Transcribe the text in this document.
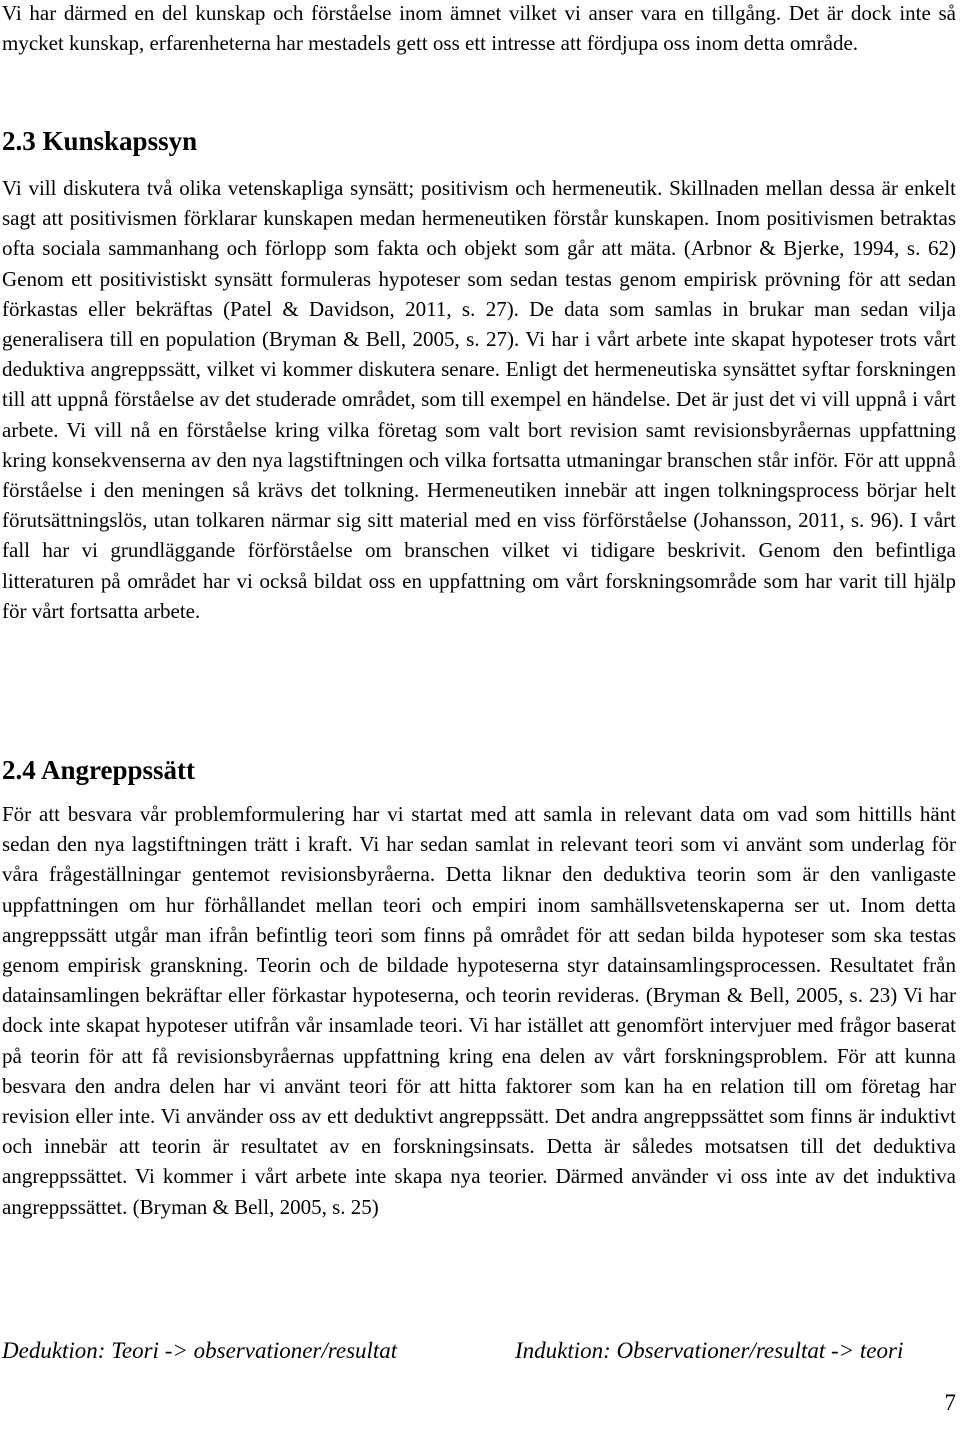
Vi har därmed en del kunskap och förståelse inom ämnet vilket vi anser vara en tillgång. Det är dock inte så mycket kunskap, erfarenheterna har mestadels gett oss ett intresse att fördjupa oss inom detta område.

2.3 Kunskapssyn

Vi vill diskutera två olika vetenskapliga synsätt; positivism och hermeneutik. Skillnaden mellan dessa är enkelt sagt att positivismen förklarar kunskapen medan hermeneutiken förstår kunskapen. Inom positivismen betraktas ofta sociala sammanhang och förlopp som fakta och objekt som går att mäta. (Arbnor & Bjerke, 1994, s. 62) Genom ett positivistiskt synsätt formuleras hypoteser som sedan testas genom empirisk prövning för att sedan förkastas eller bekräftas (Patel & Davidson, 2011, s. 27). De data som samlas in brukar man sedan vilja generalisera till en population (Bryman & Bell, 2005, s. 27). Vi har i vårt arbete inte skapat hypoteser trots vårt deduktiva angreppssätt, vilket vi kommer diskutera senare. Enligt det hermeneutiska synsättet syftar forskningen till att uppnå förståelse av det studerade området, som till exempel en händelse. Det är just det vi vill uppnå i vårt arbete. Vi vill nå en förståelse kring vilka företag som valt bort revision samt revisionsbyråernas uppfattning kring konsekvenserna av den nya lagstiftningen och vilka fortsatta utmaningar branschen står inför. För att uppnå förståelse i den meningen så krävs det tolkning. Hermeneutiken innebär att ingen tolkningsprocess börjar helt förutsättningslös, utan tolkaren närmar sig sitt material med en viss förförståelse (Johansson, 2011, s. 96). I vårt fall har vi grundläggande förförståelse om branschen vilket vi tidigare beskrivit. Genom den befintliga litteraturen på området har vi också bildat oss en uppfattning om vårt forskningsområde som har varit till hjälp för vårt fortsatta arbete.

2.4 Angreppssätt

För att besvara vår problemformulering har vi startat med att samla in relevant data om vad som hittills hänt sedan den nya lagstiftningen trätt i kraft. Vi har sedan samlat in relevant teori som vi använt som underlag för våra frågeställningar gentemot revisionsbyråerna. Detta liknar den deduktiva teorin som är den vanligaste uppfattningen om hur förhållandet mellan teori och empiri inom samhällsvetenskaperna ser ut. Inom detta angreppssätt utgår man ifrån befintlig teori som finns på området för att sedan bilda hypoteser som ska testas genom empirisk granskning. Teorin och de bildade hypoteserna styr datainsamlingsprocessen. Resultatet från datainsamlingen bekräftar eller förkastar hypoteserna, och teorin revideras. (Bryman & Bell, 2005, s. 23) Vi har dock inte skapat hypoteser utifrån vår insamlade teori. Vi har istället att genomfört intervjuer med frågor baserat på teorin för att få revisionsbyråernas uppfattning kring ena delen av vårt forskningsproblem. För att kunna besvara den andra delen har vi använt teori för att hitta faktorer som kan ha en relation till om företag har revision eller inte. Vi använder oss av ett deduktivt angreppssätt. Det andra angreppssättet som finns är induktivt och innebär att teorin är resultatet av en forskningsinsats. Detta är således motsatsen till det deduktiva angreppssättet. Vi kommer i vårt arbete inte skapa nya teorier. Därmed använder vi oss inte av det induktiva angreppssättet. (Bryman & Bell, 2005, s. 25)

Deduktion: Teori -> observationer/resultat	Induktion: Observationer/resultat -> teori
7
